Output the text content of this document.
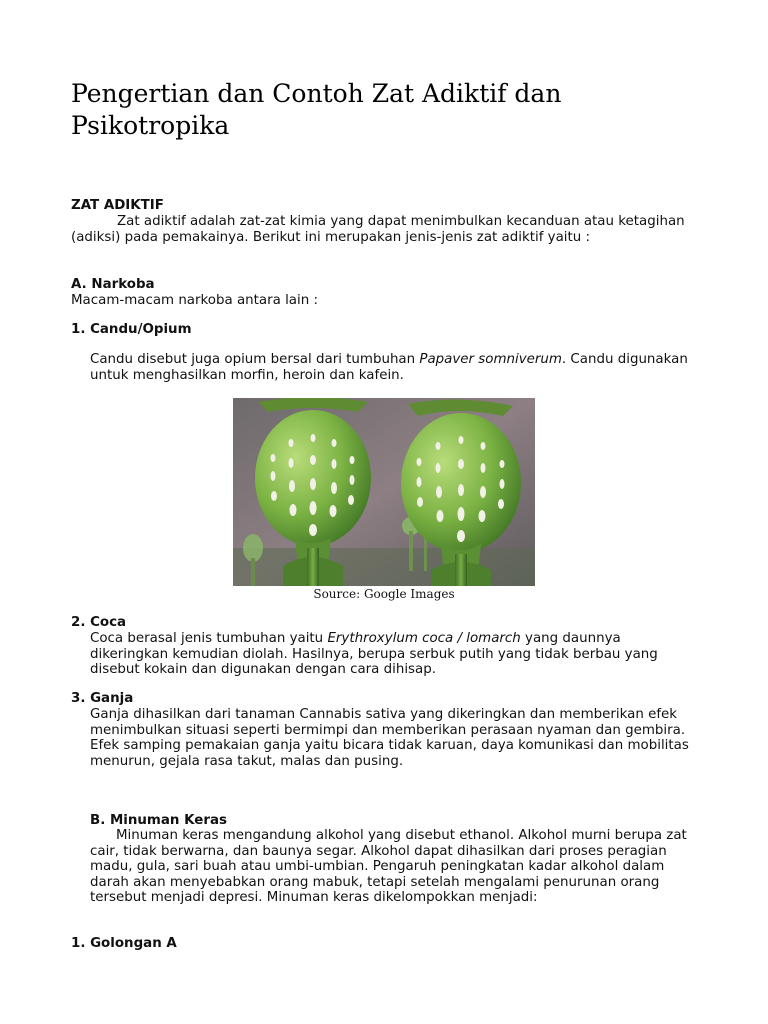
Pengertian dan Contoh Zat Adiktif dan Psikotropika
ZAT ADIKTIF

Zat adiktif adalah zat-zat kimia yang dapat menimbulkan kecanduan atau ketagihan (adiksi) pada pemakainya. Berikut ini merupakan jenis-jenis zat adiktif yaitu :

A. Narkoba
Macam-macam narkoba antara lain :
1. Candu/Opium

Candu disebut juga opium bersal dari tumbuhan Papaver somniverum. Candu digunakan untuk menghasilkan morfin, heroin dan kafein.

Source: Google Images
2. Coca

Coca berasal jenis tumbuhan yaitu Erythroxylum coca / lomarch yang daunnya dikeringkan kemudian diolah. Hasilnya, berupa serbuk putih yang tidak berbau yang disebut kokain dan digunakan dengan cara dihisap.

3. Ganja

Ganja dihasilkan dari tanaman Cannabis sativa yang dikeringkan dan memberikan efek menimbulkan situasi seperti bermimpi dan memberikan perasaan nyaman dan gembira. Efek samping pemakaian ganja yaitu bicara tidak karuan, daya komunikasi dan mobilitas menurun, gejala rasa takut, malas dan pusing.

B. Minuman Keras

Minuman keras mengandung alkohol yang disebut ethanol. Alkohol murni berupa zat cair, tidak berwarna, dan baunya segar. Alkohol dapat dihasilkan dari proses peragian madu, gula, sari buah atau umbi-umbian. Pengaruh peningkatan kadar alkohol dalam darah akan menyebabkan orang mabuk, tetapi setelah mengalami penurunan orang tersebut menjadi depresi. Minuman keras dikelompokkan menjadi:

1. Golongan A
